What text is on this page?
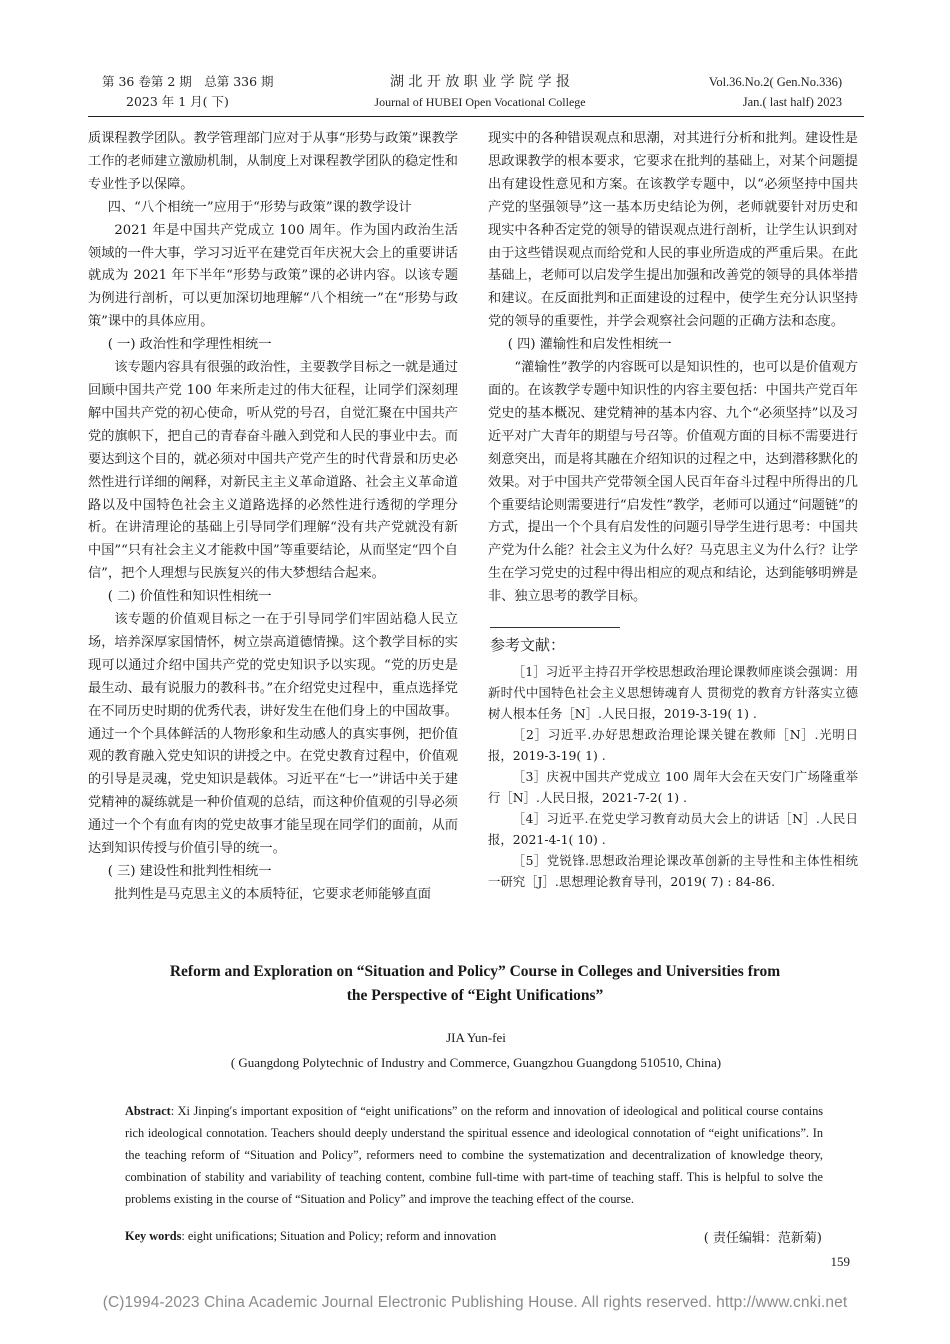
第 36 卷第 2 期　总第 336 期
2023 年 1 月( 下)
湖 北 开 放 职 业 学 院 学 报
Journal of HUBEI Open Vocational College
Vol.36.No.2( Gen.No.336)
Jan.( last half) 2023

质课程教学团队。教学管理部门应对于从事“形势与政策”课教学工作的老师建立激励机制，从制度上对课程教学团队的稳定性和专业性予以保障。

四、“八个相统一”应用于“形势与政策”课的教学设计

2021 年是中国共产党成立 100 周年。作为国内政治生活领域的一件大事，学习习近平在建党百年庆祝大会上的重要讲话就成为 2021 年下半年“形势与政策”课的必讲内容。以该专题为例进行剖析，可以更加深切地理解“八个相统一”在“形势与政策”课中的具体应用。

( 一) 政治性和学理性相统一

该专题内容具有很强的政治性，主要教学目标之一就是通过回顾中国共产党 100 年来所走过的伟大征程，让同学们深刻理解中国共产党的初心使命，听从党的号召，自觉汇聚在中国共产党的旗帜下，把自己的青春奋斗融入到党和人民的事业中去。而要达到这个目的，就必须对中国共产党产生的时代背景和历史必然性进行详细的阐释，对新民主主义革命道路、社会主义革命道路以及中国特色社会主义道路选择的必然性进行透彻的学理分析。在讲清理论的基础上引导同学们理解“没有共产党就没有新中国”“只有社会主义才能救中国”等重要结论，从而坚定“四个自信”，把个人理想与民族复兴的伟大梦想结合起来。

( 二) 价值性和知识性相统一

该专题的价值观目标之一在于引导同学们牢固站稳人民立场，培养深厚家国情怀，树立崇高道德情操。这个教学目标的实现可以通过介绍中国共产党的党史知识予以实现。“党的历史是最生动、最有说服力的教科书。”在介绍党史过程中，重点选择党在不同历史时期的优秀代表，讲好发生在他们身上的中国故事。通过一个个具体鲜活的人物形象和生动感人的真实事例，把价值观的教育融入党史知识的讲授之中。在党史教育过程中，价值观的引导是灵魂，党史知识是载体。习近平在“七一”讲话中关于建党精神的凝练就是一种价值观的总结，而这种价值观的引导必须通过一个个有血有肉的党史故事才能呈现在同学们的面前，从而达到知识传授与价值引导的统一。

( 三) 建设性和批判性相统一

批判性是马克思主义的本质特征，它要求老师能够直面

现实中的各种错误观点和思潮，对其进行分析和批判。建设性是思政课教学的根本要求，它要求在批判的基础上，对某个问题提出有建设性意见和方案。在该教学专题中，以“必须坚持中国共产党的坚强领导”这一基本历史结论为例，老师就要针对历史和现实中各种否定党的领导的错误观点进行剖析，让学生认识到对由于这些错误观点而给党和人民的事业所造成的严重后果。在此基础上，老师可以启发学生提出加强和改善党的领导的具体举措和建议。在反面批判和正面建设的过程中，使学生充分认识坚持党的领导的重要性，并学会观察社会问题的正确方法和态度。

( 四) 灌输性和启发性相统一

“灌输性”教学的内容既可以是知识性的，也可以是价值观方面的。在该教学专题中知识性的内容主要包括：中国共产党百年党史的基本概况、建党精神的基本内容、九个“必须坚持”以及习近平对广大青年的期望与号召等。价值观方面的目标不需要进行刻意突出，而是将其融在介绍知识的过程之中，达到潜移默化的效果。对于中国共产党带领全国人民百年奋斗过程中所得出的几个重要结论则需要进行“启发性”教学，老师可以通过“问题链”的方式，提出一个个具有启发性的问题引导学生进行思考：中国共产党为什么能？社会主义为什么好？马克思主义为什么行？让学生在学习党史的过程中得出相应的观点和结论，达到能够明辨是非、独立思考的教学目标。

参考文献：

［1］习近平主持召开学校思想政治理论课教师座谈会强调：用新时代中国特色社会主义思想铸魂育人 贯彻党的教育方针落实立德树人根本任务［N］.人民日报，2019-3-19( 1) .

［2］习近平.办好思想政治理论课关键在教师［N］.光明日报，2019-3-19( 1) .

［3］庆祝中国共产党成立 100 周年大会在天安门广场隆重举行［N］.人民日报，2021-7-2( 1) .

［4］习近平.在党史学习教育动员大会上的讲话［N］.人民日报，2021-4-1( 10) .

［5］党锐锋.思想政治理论课改革创新的主导性和主体性相统一研究［J］.思想理论教育导刊，2019( 7) : 84-86.

Reform and Exploration on “Situation and Policy” Course in Colleges and Universities from
the Perspective of “Eight Unifications”
JIA Yun-fei
( Guangdong Polytechnic of Industry and Commerce, Guangzhou Guangdong 510510, China)
Abstract: Xi Jinping′s important exposition of “eight unifications” on the reform and innovation of ideological and political course contains rich ideological connotation. Teachers should deeply understand the spiritual essence and ideological connotation of “eight unifications”. In the teaching reform of “Situation and Policy”, reformers need to combine the systematization and decentralization of knowledge theory, combination of stability and variability of teaching content, combine full-time with part-time of teaching staff. This is helpful to solve the problems existing in the course of “Situation and Policy” and improve the teaching effect of the course.
Key words: eight unifications; Situation and Policy; reform and innovation	( 责任编辑：范新菊)
159
(C)1994-2023 China Academic Journal Electronic Publishing House. All rights reserved. http://www.cnki.net
